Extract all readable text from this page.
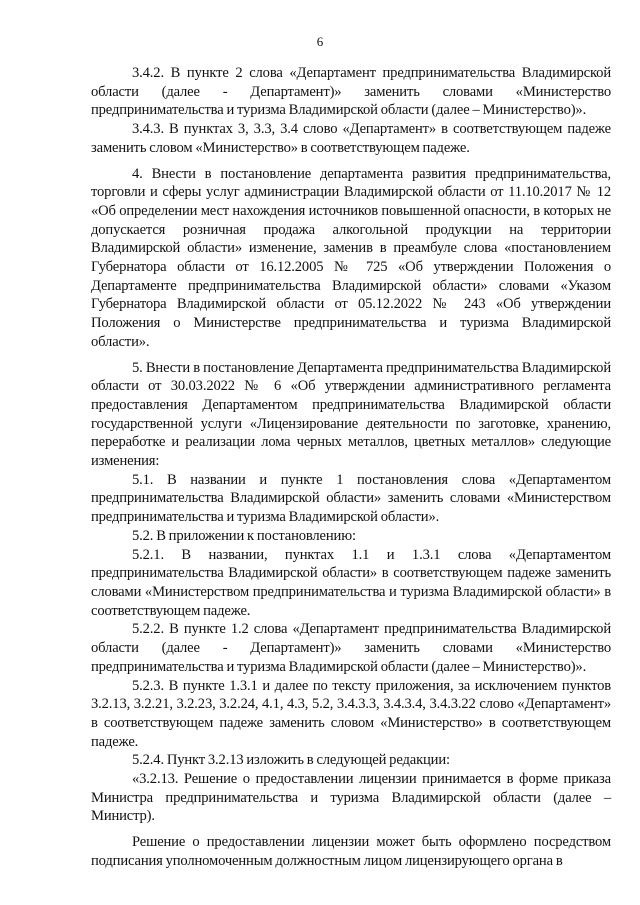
6

3.4.2. В пункте 2 слова «Департамент предпринимательства Владимирской области (далее - Департамент)» заменить словами «Министерство предпринимательства и туризма Владимирской области (далее – Министерство)».

3.4.3. В пунктах 3, 3.3, 3.4 слово «Департамент» в соответствующем падеже заменить словом «Министерство» в соответствующем падеже.

4. Внести в постановление департамента развития предпринимательства, торговли и сферы услуг администрации Владимирской области от 11.10.2017 № 12 «Об определении мест нахождения источников повышенной опасности, в которых не допускается розничная продажа алкогольной продукции на территории Владимирской области» изменение, заменив в преамбуле слова «постановлением Губернатора области от 16.12.2005 № 725 «Об утверждении Положения о Департаменте предпринимательства Владимирской области» словами «Указом Губернатора Владимирской области от 05.12.2022 № 243 «Об утверждении Положения о Министерстве предпринимательства и туризма Владимирской области».

5. Внести в постановление Департамента предпринимательства Владимирской области от 30.03.2022 № 6 «Об утверждении административного регламента предоставления Департаментом предпринимательства Владимирской области государственной услуги «Лицензирование деятельности по заготовке, хранению, переработке и реализации лома черных металлов, цветных металлов» следующие изменения:

5.1. В названии и пункте 1 постановления слова «Департаментом предпринимательства Владимирской области» заменить словами «Министерством предпринимательства и туризма Владимирской области».

5.2. В приложении к постановлению:

5.2.1. В названии, пунктах 1.1 и 1.3.1 слова «Департаментом предпринимательства Владимирской области» в соответствующем падеже заменить словами «Министерством предпринимательства и туризма Владимирской области» в соответствующем падеже.

5.2.2. В пункте 1.2 слова «Департамент предпринимательства Владимирской области (далее - Департамент)» заменить словами «Министерство предпринимательства и туризма Владимирской области (далее – Министерство)».

5.2.3. В пункте 1.3.1 и далее по тексту приложения, за исключением пунктов 3.2.13, 3.2.21, 3.2.23, 3.2.24, 4.1, 4.3, 5.2, 3.4.3.3, 3.4.3.4, 3.4.3.22 слово «Департамент» в соответствующем падеже заменить словом «Министерство» в соответствующем падеже.

5.2.4. Пункт 3.2.13 изложить в следующей редакции:

«3.2.13. Решение о предоставлении лицензии принимается в форме приказа Министра предпринимательства и туризма Владимирской области (далее – Министр).

Решение о предоставлении лицензии может быть оформлено посредством подписания уполномоченным должностным лицом лицензирующего органа в
